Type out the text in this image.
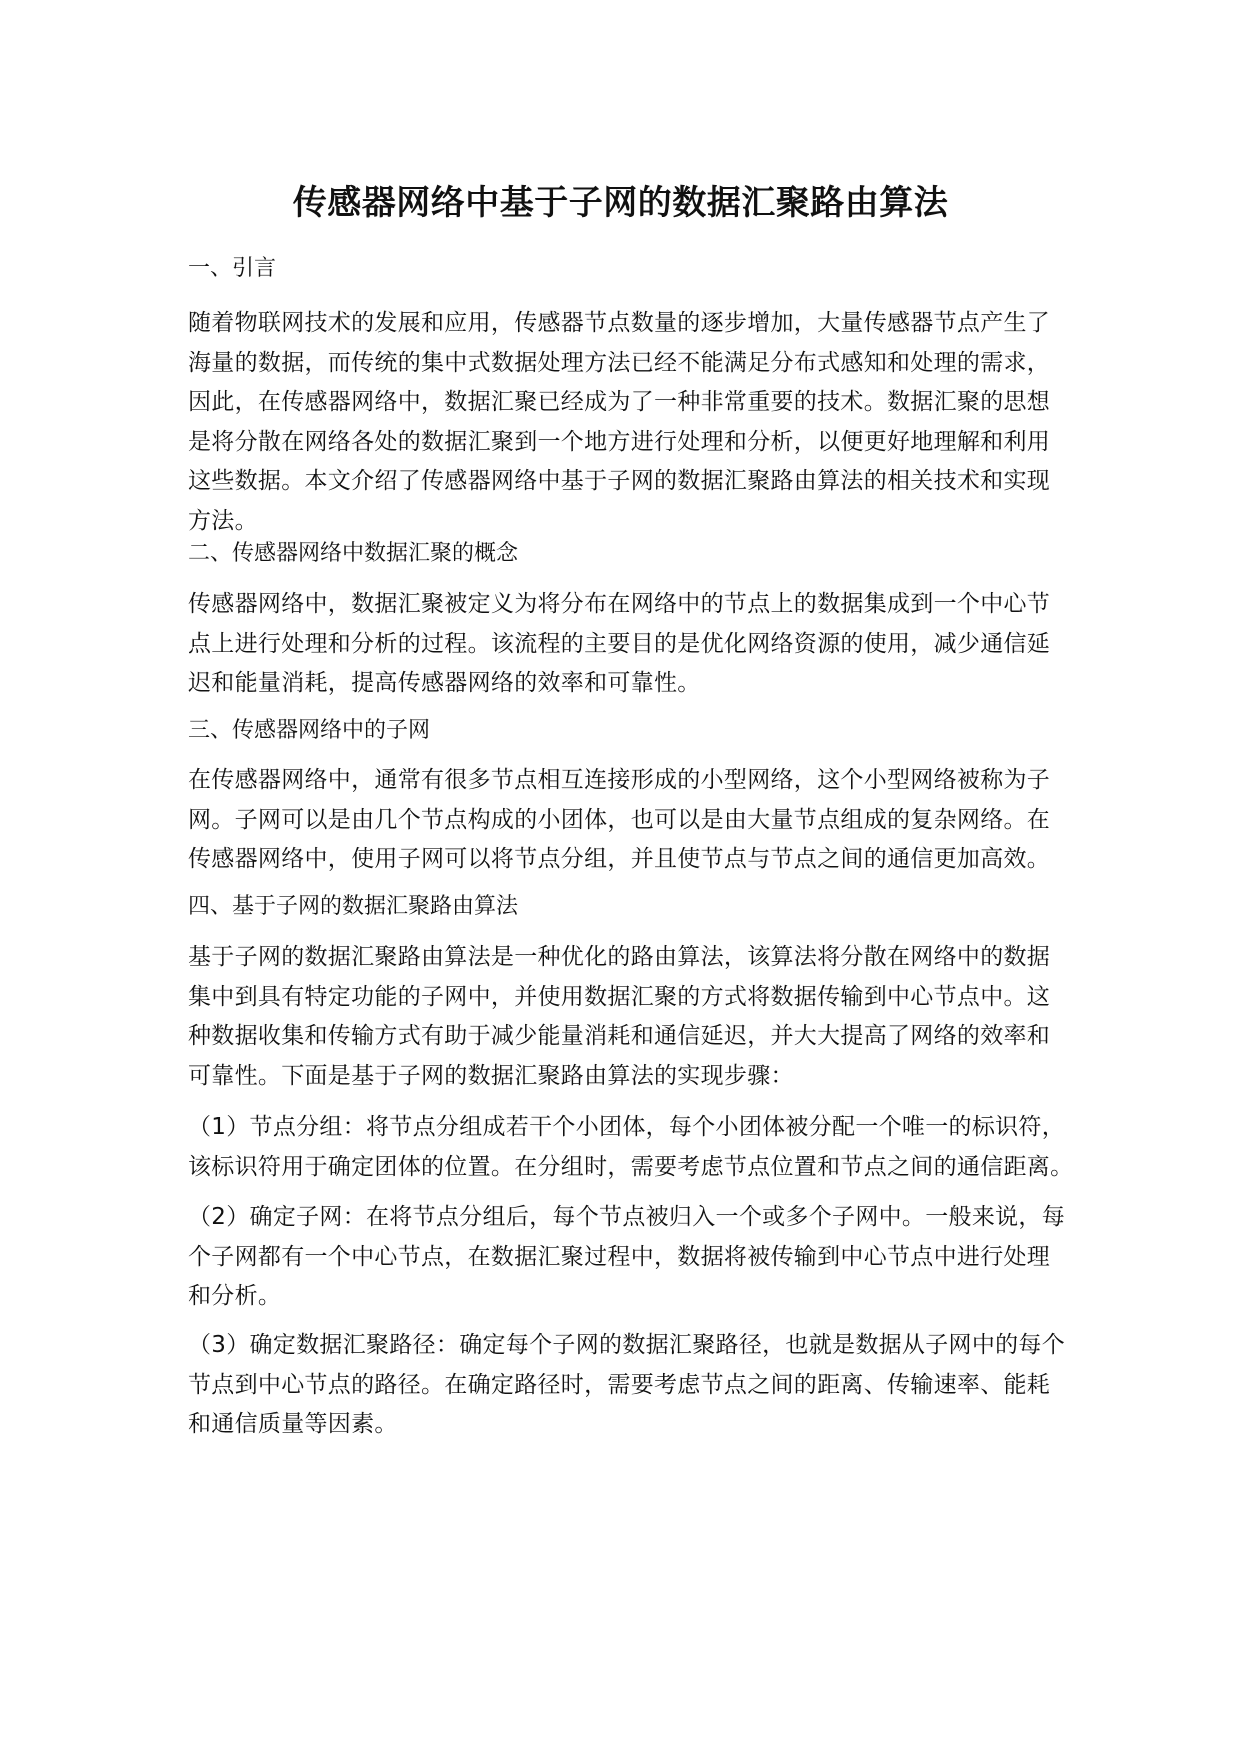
传感器网络中基于子网的数据汇聚路由算法
一、引言
随着物联网技术的发展和应用，传感器节点数量的逐步增加，大量传感器节点产生了
海量的数据，而传统的集中式数据处理方法已经不能满足分布式感知和处理的需求，
因此，在传感器网络中，数据汇聚已经成为了一种非常重要的技术。数据汇聚的思想
是将分散在网络各处的数据汇聚到一个地方进行处理和分析，以便更好地理解和利用
这些数据。本文介绍了传感器网络中基于子网的数据汇聚路由算法的相关技术和实现
方法。
二、传感器网络中数据汇聚的概念
传感器网络中，数据汇聚被定义为将分布在网络中的节点上的数据集成到一个中心节
点上进行处理和分析的过程。该流程的主要目的是优化网络资源的使用，减少通信延
迟和能量消耗，提高传感器网络的效率和可靠性。
三、传感器网络中的子网
在传感器网络中，通常有很多节点相互连接形成的小型网络，这个小型网络被称为子
网。子网可以是由几个节点构成的小团体，也可以是由大量节点组成的复杂网络。在
传感器网络中，使用子网可以将节点分组，并且使节点与节点之间的通信更加高效。
四、基于子网的数据汇聚路由算法
基于子网的数据汇聚路由算法是一种优化的路由算法，该算法将分散在网络中的数据
集中到具有特定功能的子网中，并使用数据汇聚的方式将数据传输到中心节点中。这
种数据收集和传输方式有助于减少能量消耗和通信延迟，并大大提高了网络的效率和
可靠性。下面是基于子网的数据汇聚路由算法的实现步骤：
（1）节点分组：将节点分组成若干个小团体，每个小团体被分配一个唯一的标识符，
该标识符用于确定团体的位置。在分组时，需要考虑节点位置和节点之间的通信距离。
（2）确定子网：在将节点分组后，每个节点被归入一个或多个子网中。一般来说，每
个子网都有一个中心节点，在数据汇聚过程中，数据将被传输到中心节点中进行处理
和分析。
（3）确定数据汇聚路径：确定每个子网的数据汇聚路径，也就是数据从子网中的每个
节点到中心节点的路径。在确定路径时，需要考虑节点之间的距离、传输速率、能耗
和通信质量等因素。
